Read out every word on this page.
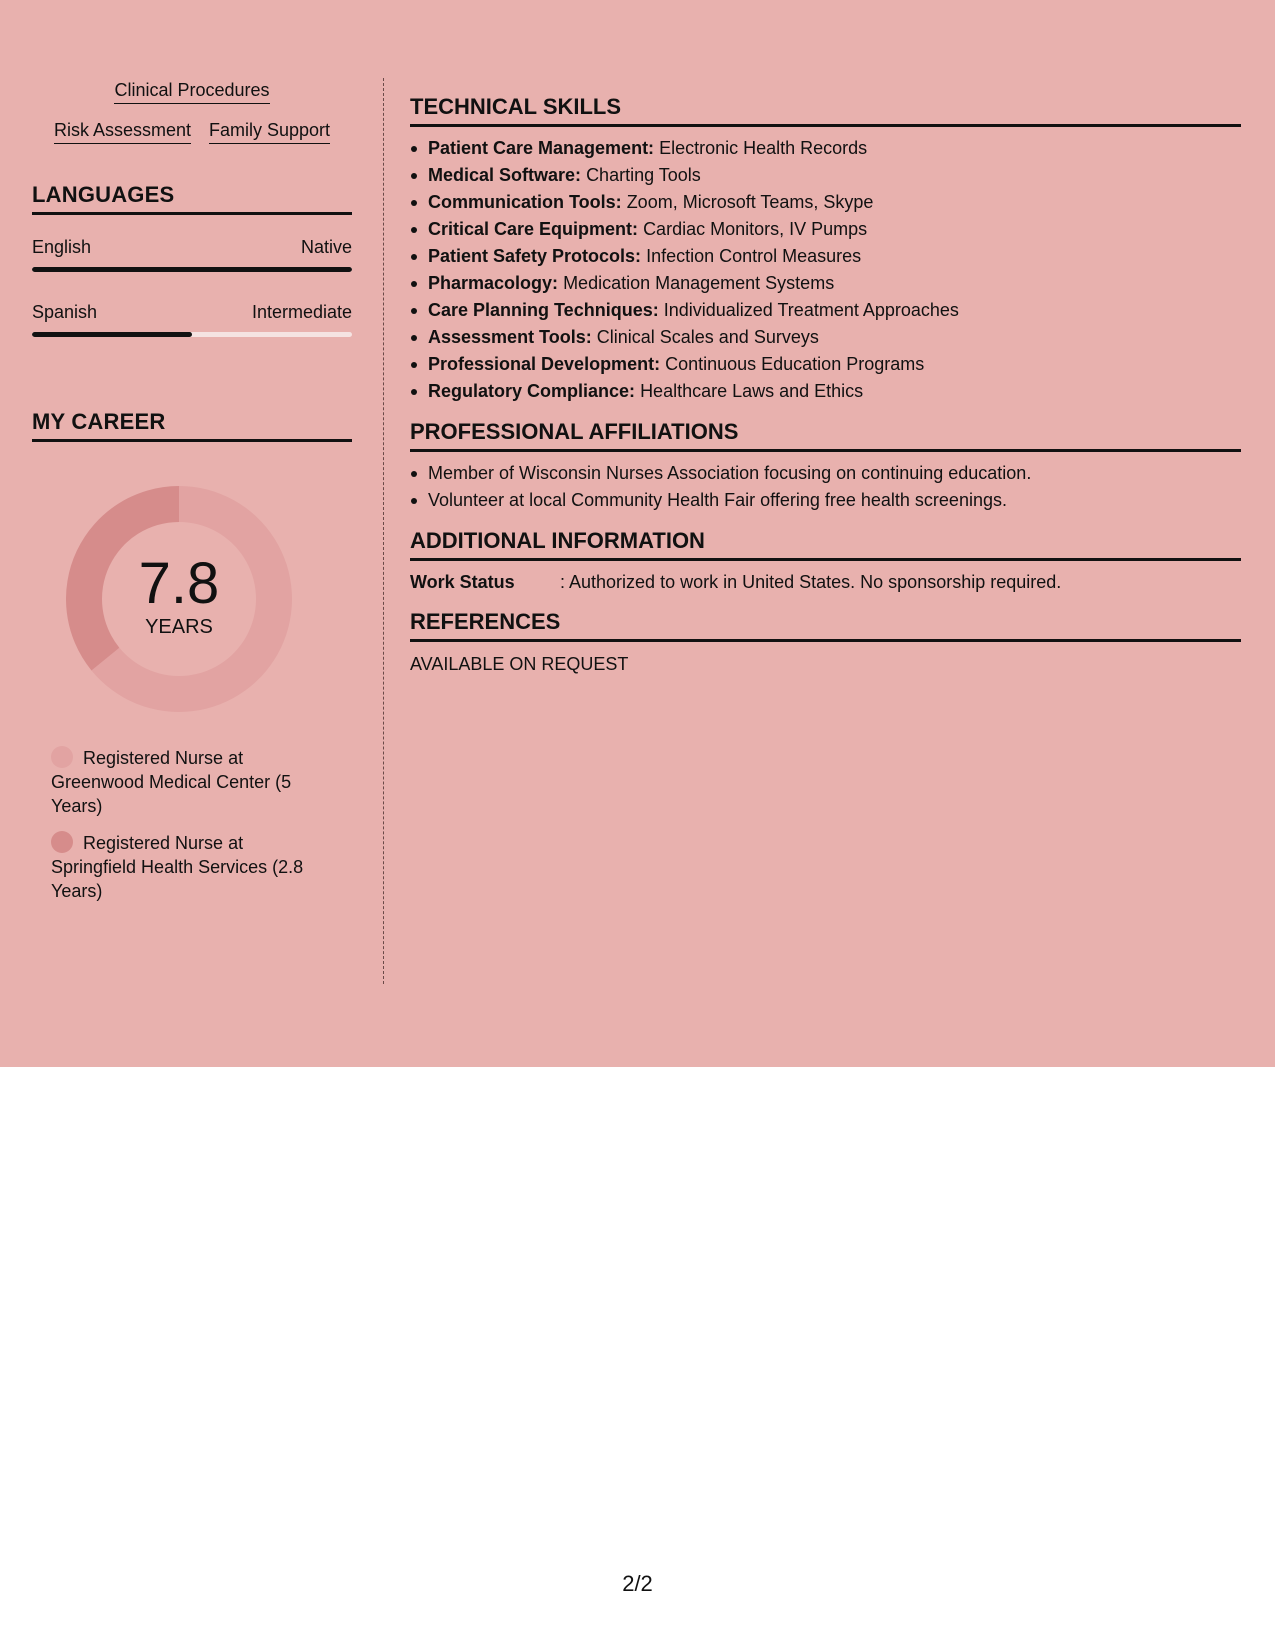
Clinical Procedures
Risk Assessment Family Support
LANGUAGES
English	Native
Spanish	Intermediate
MY CAREER
7.8
YEARS
Registered Nurse at Greenwood Medical Center (5 Years)
Registered Nurse at Springfield Health Services (2.8 Years)
TECHNICAL SKILLS
Patient Care Management: Electronic Health Records
Medical Software: Charting Tools
Communication Tools: Zoom, Microsoft Teams, Skype
Critical Care Equipment: Cardiac Monitors, IV Pumps
Patient Safety Protocols: Infection Control Measures
Pharmacology: Medication Management Systems
Care Planning Techniques: Individualized Treatment Approaches
Assessment Tools: Clinical Scales and Surveys
Professional Development: Continuous Education Programs
Regulatory Compliance: Healthcare Laws and Ethics
PROFESSIONAL AFFILIATIONS
Member of Wisconsin Nurses Association focusing on continuing education.
Volunteer at local Community Health Fair offering free health screenings.
ADDITIONAL INFORMATION
Work Status	: Authorized to work in United States. No sponsorship required.
REFERENCES
AVAILABLE ON REQUEST
2/2
